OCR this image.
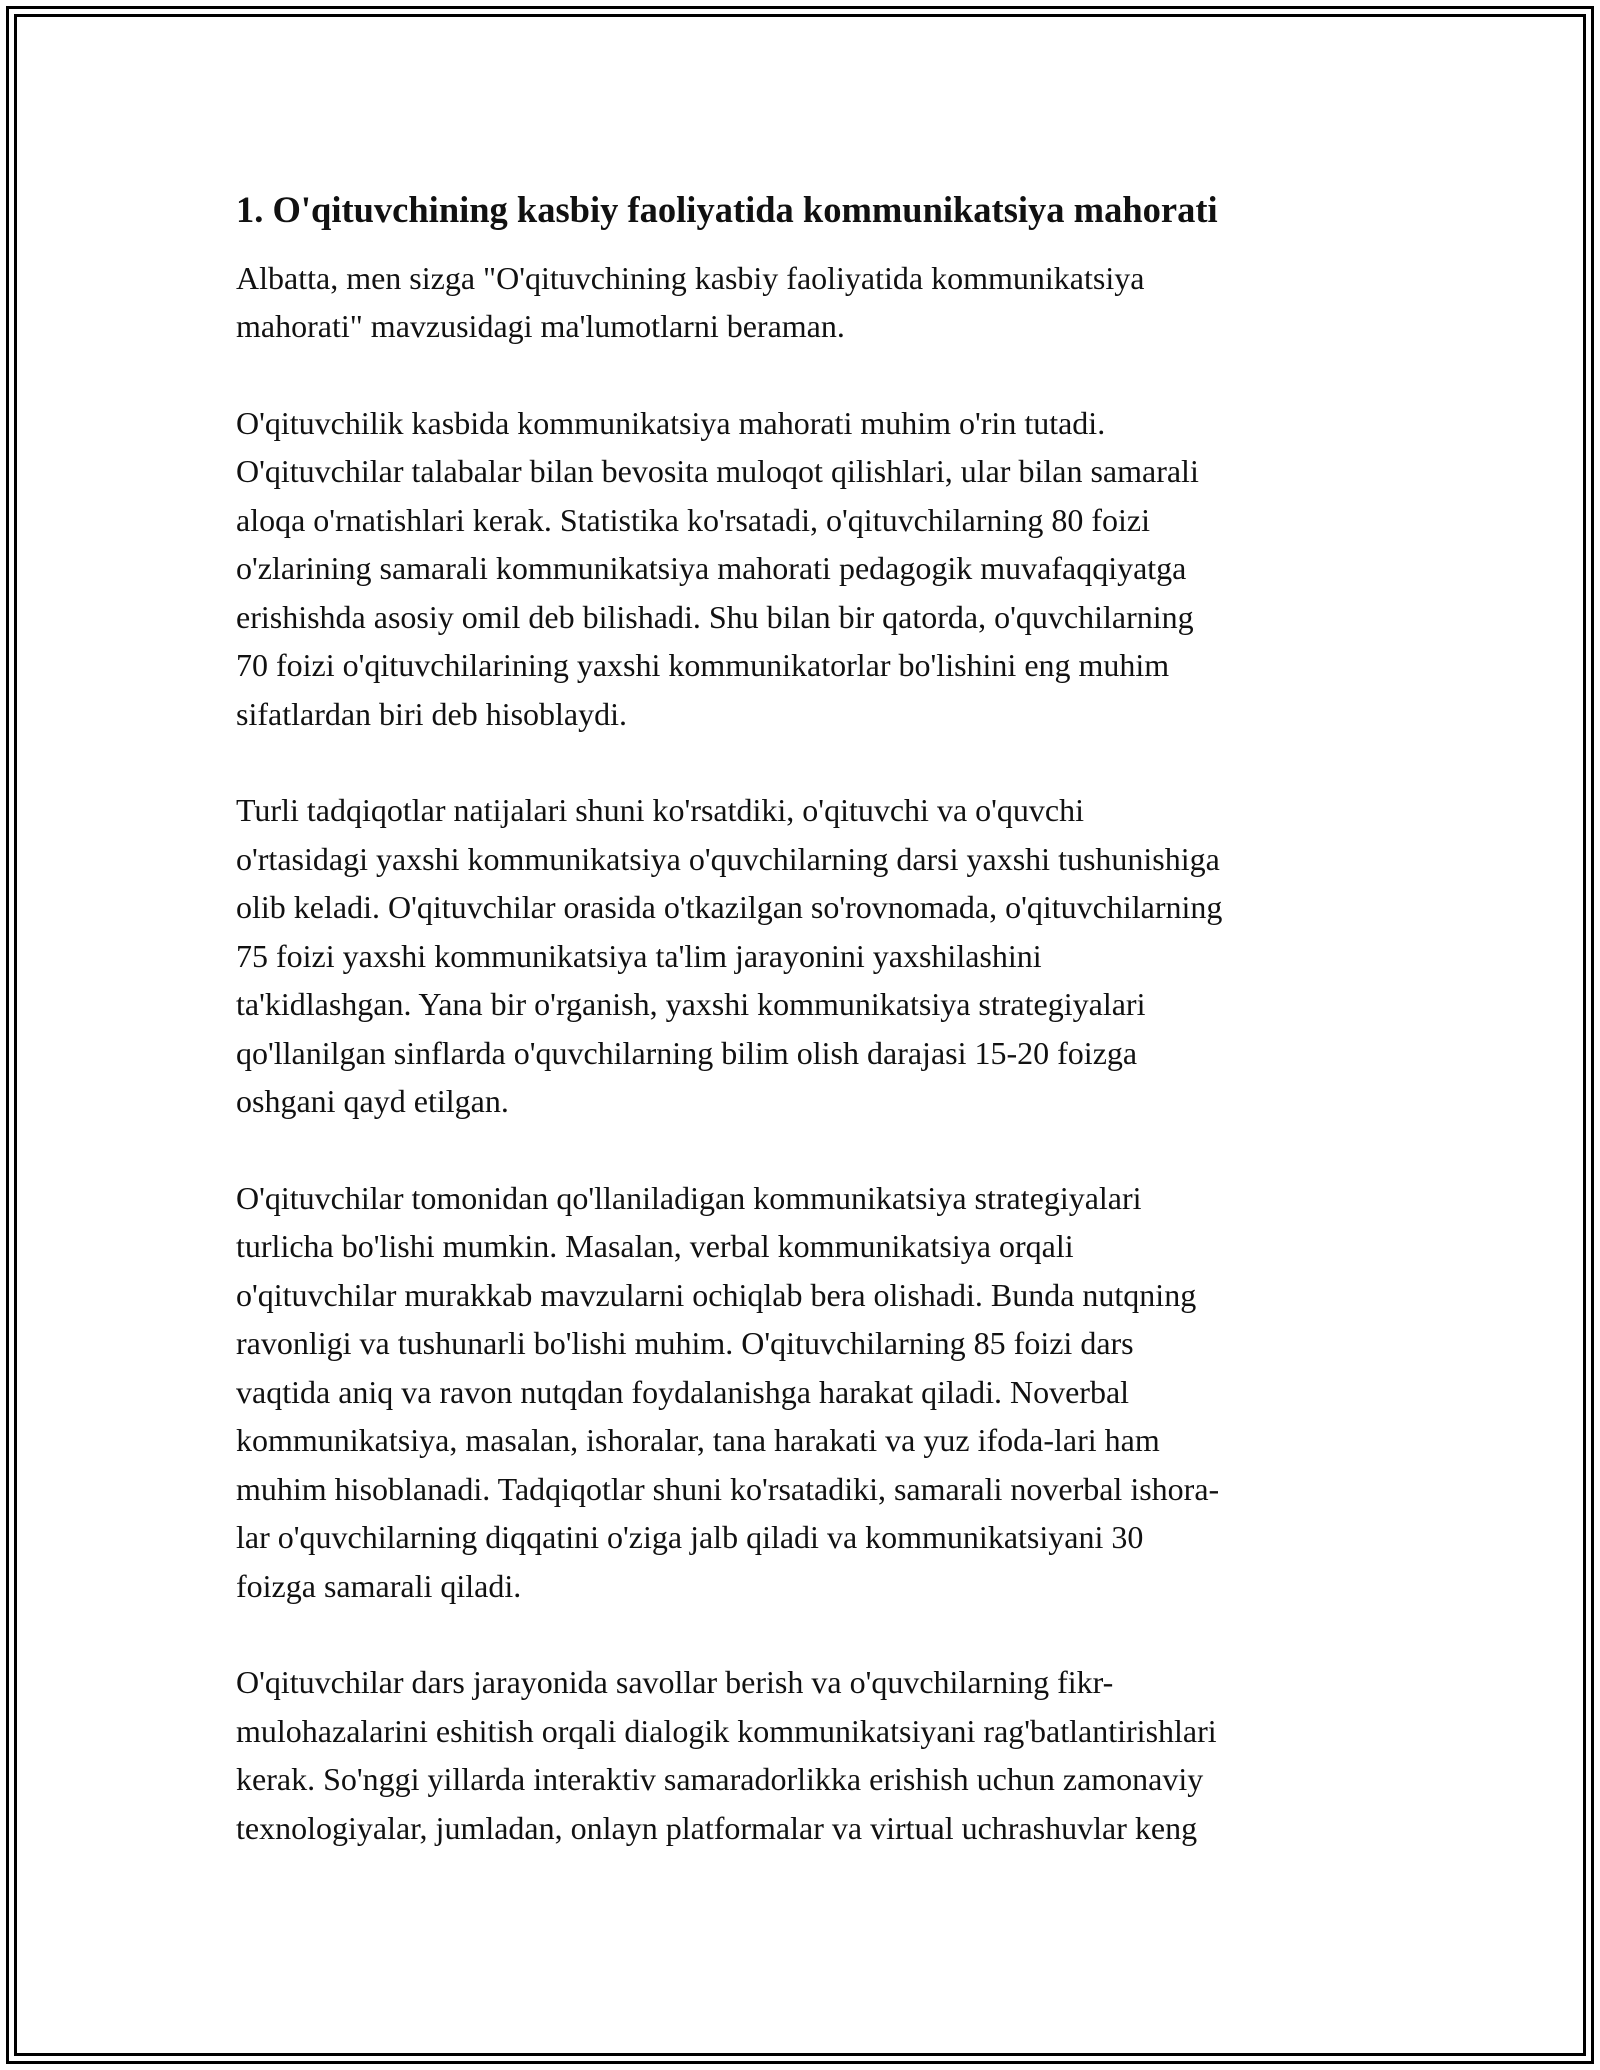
1. O'qituvchining kasbiy faoliyatida kommunikatsiya mahorati

Albatta, men sizga "O'qituvchining kasbiy faoliyatida kommunikatsiya
mahorati" mavzusidagi ma'lumotlarni beraman.

O'qituvchilik kasbida kommunikatsiya mahorati muhim o'rin tutadi.
O'qituvchilar talabalar bilan bevosita muloqot qilishlari, ular bilan samarali
aloqa o'rnatishlari kerak. Statistika ko'rsatadi, o'qituvchilarning 80 foizi
o'zlarining samarali kommunikatsiya mahorati pedagogik muvafaqqiyatga
erishishda asosiy omil deb bilishadi. Shu bilan bir qatorda, o'quvchilarning
70 foizi o'qituvchilarining yaxshi kommunikatorlar bo'lishini eng muhim
sifatlardan biri deb hisoblaydi.

Turli tadqiqotlar natijalari shuni ko'rsatdiki, o'qituvchi va o'quvchi
o'rtasidagi yaxshi kommunikatsiya o'quvchilarning darsi yaxshi tushunishiga
olib keladi. O'qituvchilar orasida o'tkazilgan so'rovnomada, o'qituvchilarning
75 foizi yaxshi kommunikatsiya ta'lim jarayonini yaxshilashini
ta'kidlashgan. Yana bir o'rganish, yaxshi kommunikatsiya strategiyalari
qo'llanilgan sinflarda o'quvchilarning bilim olish darajasi 15-20 foizga
oshgani qayd etilgan.

O'qituvchilar tomonidan qo'llaniladigan kommunikatsiya strategiyalari
turlicha bo'lishi mumkin. Masalan, verbal kommunikatsiya orqali
o'qituvchilar murakkab mavzularni ochiqlab bera olishadi. Bunda nutqning
ravonligi va tushunarli bo'lishi muhim. O'qituvchilarning 85 foizi dars
vaqtida aniq va ravon nutqdan foydalanishga harakat qiladi. Noverbal
kommunikatsiya, masalan, ishoralar, tana harakati va yuz ifoda-lari ham
muhim hisoblanadi. Tadqiqotlar shuni ko'rsatadiki, samarali noverbal ishora-
lar o'quvchilarning diqqatini o'ziga jalb qiladi va kommunikatsiyani 30
foizga samarali qiladi.

O'qituvchilar dars jarayonida savollar berish va o'quvchilarning fikr-
mulohazalarini eshitish orqali dialogik kommunikatsiyani rag'batlantirishlari
kerak. So'nggi yillarda interaktiv samaradorlikka erishish uchun zamonaviy
texnologiyalar, jumladan, onlayn platformalar va virtual uchrashuvlar keng
